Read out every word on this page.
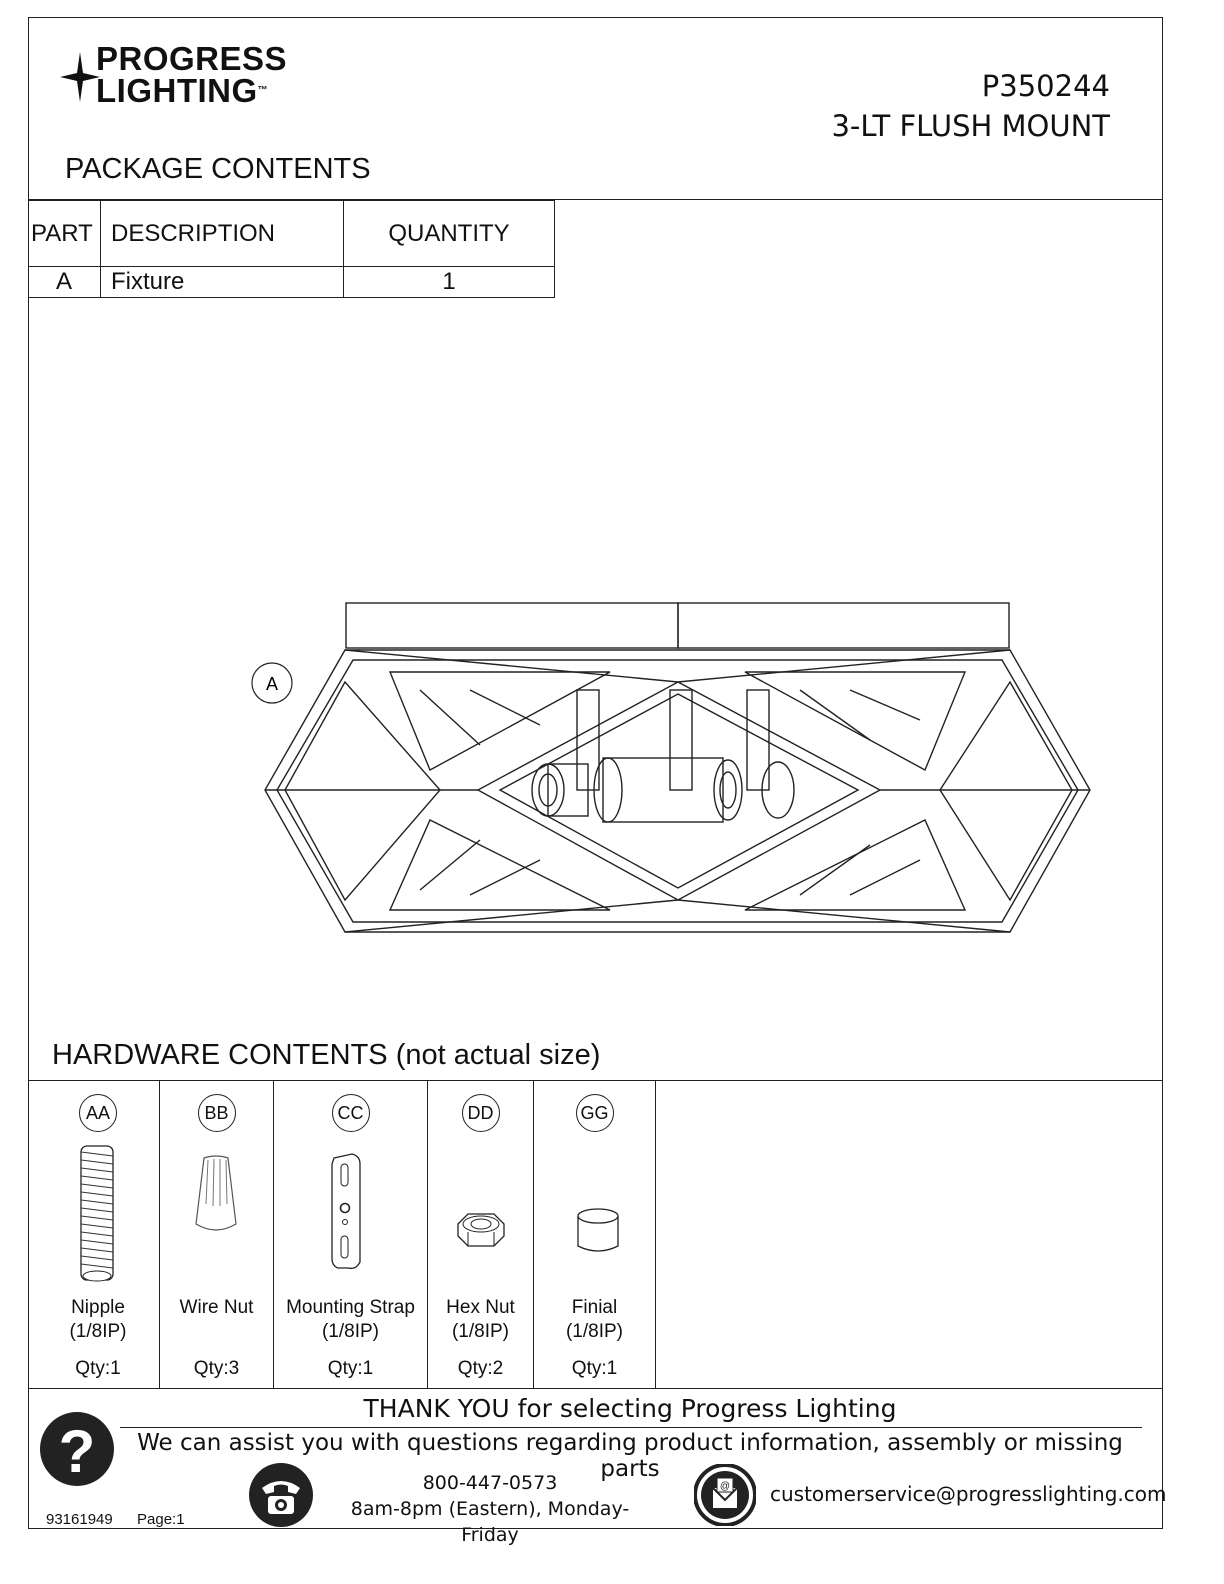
PROGRESS
LIGHTING™	P350244
3-LT FLUSH MOUNT
PACKAGE CONTENTS
PART	DESCRIPTION	QUANTITY
A	Fixture	1
A
HARDWARE CONTENTS (not actual size)
AA
Nipple
(1/8IP)
Qty:1
BB
Wire Nut
Qty:3
CC
Mounting Strap
(1/8IP)
Qty:1
DD
Hex Nut
(1/8IP)
Qty:2
GG
Finial
(1/8IP)
Qty:1
?
THANK YOU for selecting Progress Lighting
We can assist you with questions regarding product information, assembly or missing parts
800-447-0573
8am-8pm (Eastern), Monday-Friday
@ customerservice@progresslighting.com
93161949 Page:1
